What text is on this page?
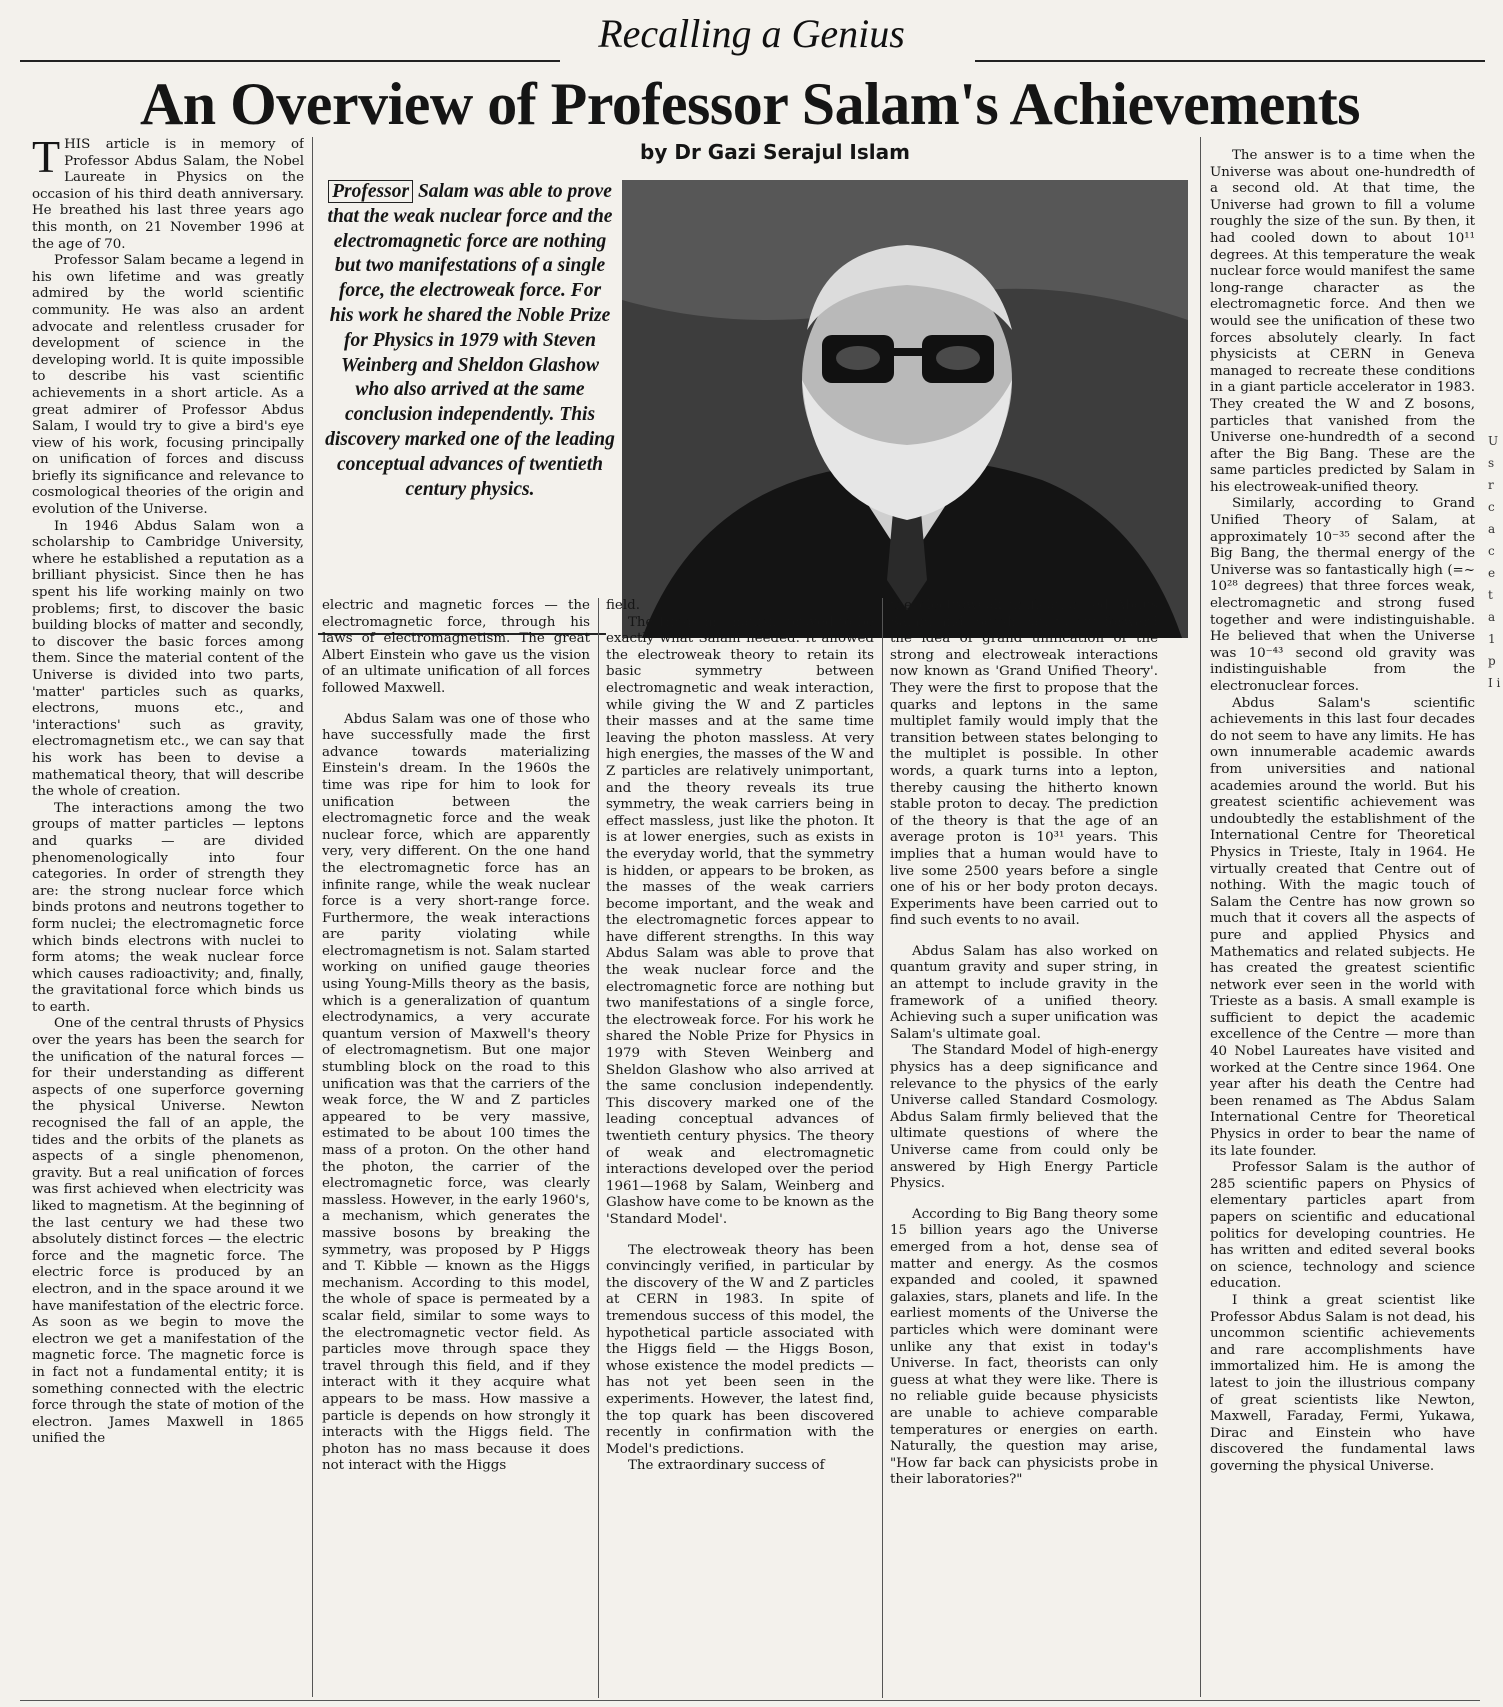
Recalling a Genius
An Overview of Professor Salam's Achievements
by Dr Gazi Serajul Islam

THIS article is in memory of Professor Abdus Salam, the Nobel Laureate in Physics on the occasion of his third death anniversary. He breathed his last three years ago this month, on 21 November 1996 at the age of 70.

Professor Salam became a legend in his own lifetime and was greatly admired by the world scientific community. He was also an ardent advocate and relentless crusader for development of science in the developing world. It is quite impossible to describe his vast scientific achievements in a short article. As a great admirer of Professor Abdus Salam, I would try to give a bird's eye view of his work, focusing principally on unification of forces and discuss briefly its significance and relevance to cosmological theories of the origin and evolution of the Universe.

In 1946 Abdus Salam won a scholarship to Cambridge University, where he established a reputation as a brilliant physicist. Since then he has spent his life working mainly on two problems; first, to discover the basic building blocks of matter and secondly, to discover the basic forces among them. Since the material content of the Universe is divided into two parts, 'matter' particles such as quarks, electrons, muons etc., and 'interactions' such as gravity, electromagnetism etc., we can say that his work has been to devise a mathematical theory, that will describe the whole of creation.

The interactions among the two groups of matter particles — leptons and quarks — are divided phenomenologically into four categories. In order of strength they are: the strong nuclear force which binds protons and neutrons together to form nuclei; the electromagnetic force which binds electrons with nuclei to form atoms; the weak nuclear force which causes radioactivity; and, finally, the gravitational force which binds us to earth.

One of the central thrusts of Physics over the years has been the search for the unification of the natural forces — for their understanding as different aspects of one superforce governing the physical Universe. Newton recognised the fall of an apple, the tides and the orbits of the planets as aspects of a single phenomenon, gravity. But a real unification of forces was first achieved when electricity was liked to magnetism. At the beginning of the last century we had these two absolutely distinct forces — the electric force and the magnetic force. The electric force is produced by an electron, and in the space around it we have manifestation of the electric force. As soon as we begin to move the electron we get a manifestation of the magnetic force. The magnetic force is in fact not a fundamental entity; it is something connected with the electric force through the state of motion of the electron. James Maxwell in 1865 unified the

Professor Salam was able to prove that the weak nuclear force and the electromagnetic force are nothing but two manifestations of a single force, the electroweak force. For his work he shared the Noble Prize for Physics in 1979 with Steven Weinberg and Sheldon Glashow who also arrived at the same conclusion independently. This discovery marked one of the leading conceptual advances of twentieth century physics.

electric and magnetic forces — the electromagnetic force, through his laws of electromagnetism. The great Albert Einstein who gave us the vision of an ultimate unification of all forces followed Maxwell.

Abdus Salam was one of those who have successfully made the first advance towards materializing Einstein's dream. In the 1960s the time was ripe for him to look for unification between the electromagnetic force and the weak nuclear force, which are apparently very, very different. On the one hand the electromagnetic force has an infinite range, while the weak nuclear force is a very short-range force. Furthermore, the weak interactions are parity violating while electromagnetism is not. Salam started working on unified gauge theories using Young-Mills theory as the basis, which is a generalization of quantum electrodynamics, a very accurate quantum version of Maxwell's theory of electromagnetism. But one major stumbling block on the road to this unification was that the carriers of the weak force, the W and Z particles appeared to be very massive, estimated to be about 100 times the mass of a proton. On the other hand the photon, the carrier of the electromagnetic force, was clearly massless. However, in the early 1960's, a mechanism, which generates the massive bosons by breaking the symmetry, was proposed by P Higgs and T. Kibble — known as the Higgs mechanism. According to this model, the whole of space is permeated by a scalar field, similar to some ways to the electromagnetic vector field. As particles move through space they travel through this field, and if they interact with it they acquire what appears to be mass. How massive a particle is depends on how strongly it interacts with the Higgs field. The photon has no mass because it does not interact with the Higgs

field.

The Higgs mechanism proved to be exactly what Salam needed. It allowed the electroweak theory to retain its basic symmetry between electromagnetic and weak interaction, while giving the W and Z particles their masses and at the same time leaving the photon massless. At very high energies, the masses of the W and Z particles are relatively unimportant, and the theory reveals its true symmetry, the weak carriers being in effect massless, just like the photon. It is at lower energies, such as exists in the everyday world, that the symmetry is hidden, or appears to be broken, as the masses of the weak carriers become important, and the weak and the electromagnetic forces appear to have different strengths. In this way Abdus Salam was able to prove that the weak nuclear force and the electromagnetic force are nothing but two manifestations of a single force, the electroweak force. For his work he shared the Noble Prize for Physics in 1979 with Steven Weinberg and Sheldon Glashow who also arrived at the same conclusion independently. This discovery marked one of the leading conceptual advances of twentieth century physics. The theory of weak and electromagnetic interactions developed over the period 1961—1968 by Salam, Weinberg and Glashow have come to be known as the 'Standard Model'.

The electroweak theory has been convincingly verified, in particular by the discovery of the W and Z particles at CERN in 1983. In spite of tremendous success of this model, the hypothetical particle associated with the Higgs field — the Higgs Boson, whose existence the model predicts — has not yet been seen in the experiments. However, the latest find, the top quark has been discovered recently in confirmation with the Model's predictions.

The extraordinary success of

the electroweak unification led Abdus Salam and Jogesh Pati to put forward the idea of grand unification of the strong and electroweak interactions now known as 'Grand Unified Theory'. They were the first to propose that the quarks and leptons in the same multiplet family would imply that the transition between states belonging to the multiplet is possible. In other words, a quark turns into a lepton, thereby causing the hitherto known stable proton to decay. The prediction of the theory is that the age of an average proton is 10³¹ years. This implies that a human would have to live some 2500 years before a single one of his or her body proton decays. Experiments have been carried out to find such events to no avail.

Abdus Salam has also worked on quantum gravity and super string, in an attempt to include gravity in the framework of a unified theory. Achieving such a super unification was Salam's ultimate goal.

The Standard Model of high-energy physics has a deep significance and relevance to the physics of the early Universe called Standard Cosmology. Abdus Salam firmly believed that the ultimate questions of where the Universe came from could only be answered by High Energy Particle Physics.

According to Big Bang theory some 15 billion years ago the Universe emerged from a hot, dense sea of matter and energy. As the cosmos expanded and cooled, it spawned galaxies, stars, planets and life. In the earliest moments of the Universe the particles which were dominant were unlike any that exist in today's Universe. In fact, theorists can only guess at what they were like. There is no reliable guide because physicists are unable to achieve comparable temperatures or energies on earth. Naturally, the question may arise, "How far back can physicists probe in their laboratories?"

The answer is to a time when the Universe was about one-hundredth of a second old. At that time, the Universe had grown to fill a volume roughly the size of the sun. By then, it had cooled down to about 10¹¹ degrees. At this temperature the weak nuclear force would manifest the same long-range character as the electromagnetic force. And then we would see the unification of these two forces absolutely clearly. In fact physicists at CERN in Geneva managed to recreate these conditions in a giant particle accelerator in 1983. They created the W and Z bosons, particles that vanished from the Universe one-hundredth of a second after the Big Bang. These are the same particles predicted by Salam in his electroweak-unified theory.

Similarly, according to Grand Unified Theory of Salam, at approximately 10⁻³⁵ second after the Big Bang, the thermal energy of the Universe was so fantastically high (=~ 10²⁸ degrees) that three forces weak, electromagnetic and strong fused together and were indistinguishable. He believed that when the Universe was 10⁻⁴³ second old gravity was indistinguishable from the electronuclear forces.

Abdus Salam's scientific achievements in this last four decades do not seem to have any limits. He has own innumerable academic awards from universities and national academies around the world. But his greatest scientific achievement was undoubtedly the establishment of the International Centre for Theoretical Physics in Trieste, Italy in 1964. He virtually created that Centre out of nothing. With the magic touch of Salam the Centre has now grown so much that it covers all the aspects of pure and applied Physics and Mathematics and related subjects. He has created the greatest scientific network ever seen in the world with Trieste as a basis. A small example is sufficient to depict the academic excellence of the Centre — more than 40 Nobel Laureates have visited and worked at the Centre since 1964. One year after his death the Centre had been renamed as The Abdus Salam International Centre for Theoretical Physics in order to bear the name of its late founder.

Professor Salam is the author of 285 scientific papers on Physics of elementary particles apart from papers on scientific and educational politics for developing countries. He has written and edited several books on science, technology and science education.

I think a great scientist like Professor Abdus Salam is not dead, his uncommon scientific achievements and rare accomplishments have immortalized him. He is among the latest to join the illustrious company of great scientists like Newton, Maxwell, Faraday, Fermi, Yukawa, Dirac and Einstein who have discovered the fundamental laws governing the physical Universe.

U s r c a c e t a 1 p I i
